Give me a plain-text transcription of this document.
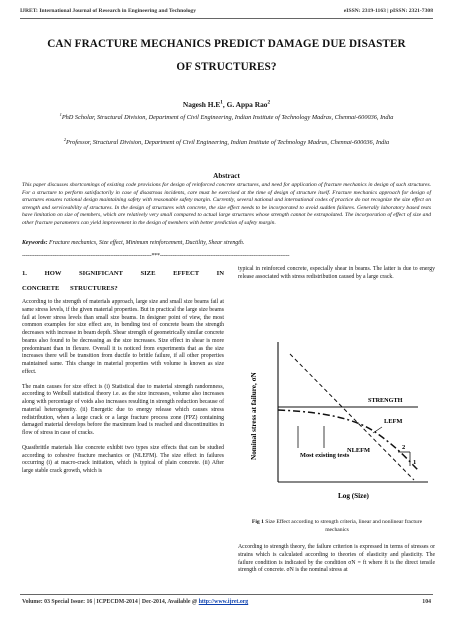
IJRET: International Journal of Research in Engineering and Technology	eISSN: 2319-1163 | pISSN: 2321-7308
CAN FRACTURE MECHANICS PREDICT DAMAGE DUE DISASTER
OF STRUCTURES?
Nagesh $H.E^1$, G. Appa Rao$^2$
$^1$PhD Scholar, Structural Division, Department of Civil Engineering, Indian Institute of Technology Madras, Chennai-600036, India
$^2$Professor, Structural Division, Department of Civil Engineering, Indian Institute of Technology Madras, Chennai-600036, India
Abstract
This paper discusses shortcomings of existing code provisions for design of reinforced concrete structures, and need for application of fracture mechanics in design of such structures. For a structure to perform satisfactorily in case of disastrous incidents, care must be exercised at the time of design of structure itself. Fracture mechanics approach for design of structures ensures rational design maintaining safety with reasonable safety margin. Currently, several national and international codes of practice do not recognize the size effect on strength and serviceability of structures. In the design of structures with concrete, the size effect needs to be incorporated to avoid sudden failures. Generally laboratory based tests have limitation on size of members, which are relatively very small compared to actual large structures whose strength cannot be extrapolated. The incorporation of effect of size and other fracture parameters can yield improvement in the design of members with better prediction of safety margin.
Keywords: Fracture mechanics, Size effect, Minimum reinforcement, Ductility, Shear strength.
------------------------------------------------------------------------***------------------------------------------------------------------------
1. HOW SIGNIFICANT SIZE EFFECT IN CONCRETE STRUCTURES?

According to the strength of materials approach, large size and small size beams fail at same stress levels, if the given material properties. But in practical the large size beams fail at lower stress levels than small size beams. In designer point of view, the most common examples for size effect are, in bending test of concrete beam the strength decreases with increase in beam depth. Shear strength of geometrically similar concrete beams also found to be decreasing as the size increases. Size effect in shear is more predominant than in flexure. Overall it is noticed from experiments that as the size increases there will be transition from ductile to brittle failure, if all other properties maintained same. This change in material properties with volume is known as size effect.

The main causes for size effect is (i) Statistical due to material strength randomness, according to Weibull statistical theory i.e. as the size increases, volume also increases along with percentage of voids also increases resulting in strength reduction because of material heterogeneity. (ii) Energetic due to energy release which causes stress redistribution, when a large crack or a large fracture process zone (FPZ) containing damaged material develops before the maximum load is reached and discontinuities in flow of stress in case of cracks.

Quasibrittle materials like concrete exhibit two types size effects that can be studied according to cohesive fracture mechanics or (NLEFM). The size effect in failures occurring (i) at macro-crack initiation, which is typical of plain concrete. (ii) After large stable crack growth, which is

typical in reinforced concrete, especially shear in beams. The latter is due to energy release associated with stress redistribution caused by a large crack.

Nominal stress at failure, σN	STRENGTH
LEFM
NLEFM
Most existing tests
2
1
Log (Size)
Fig 1 Size Effect according to strength criteria, linear and nonlinear fracture mechanics

According to strength theory, the failure criterion is expressed in terms of stresses or strains which is calculated according to theories of elasticity and plasticity. The failure condition is indicated by the condition σN = ft where ft is the direct tensile strength of concrete. σN is the nominal stress at

Volume: 03 Special Issue: 16 | ICPECDM-2014 | Dec-2014, Available @ http://www.ijret.org	104
